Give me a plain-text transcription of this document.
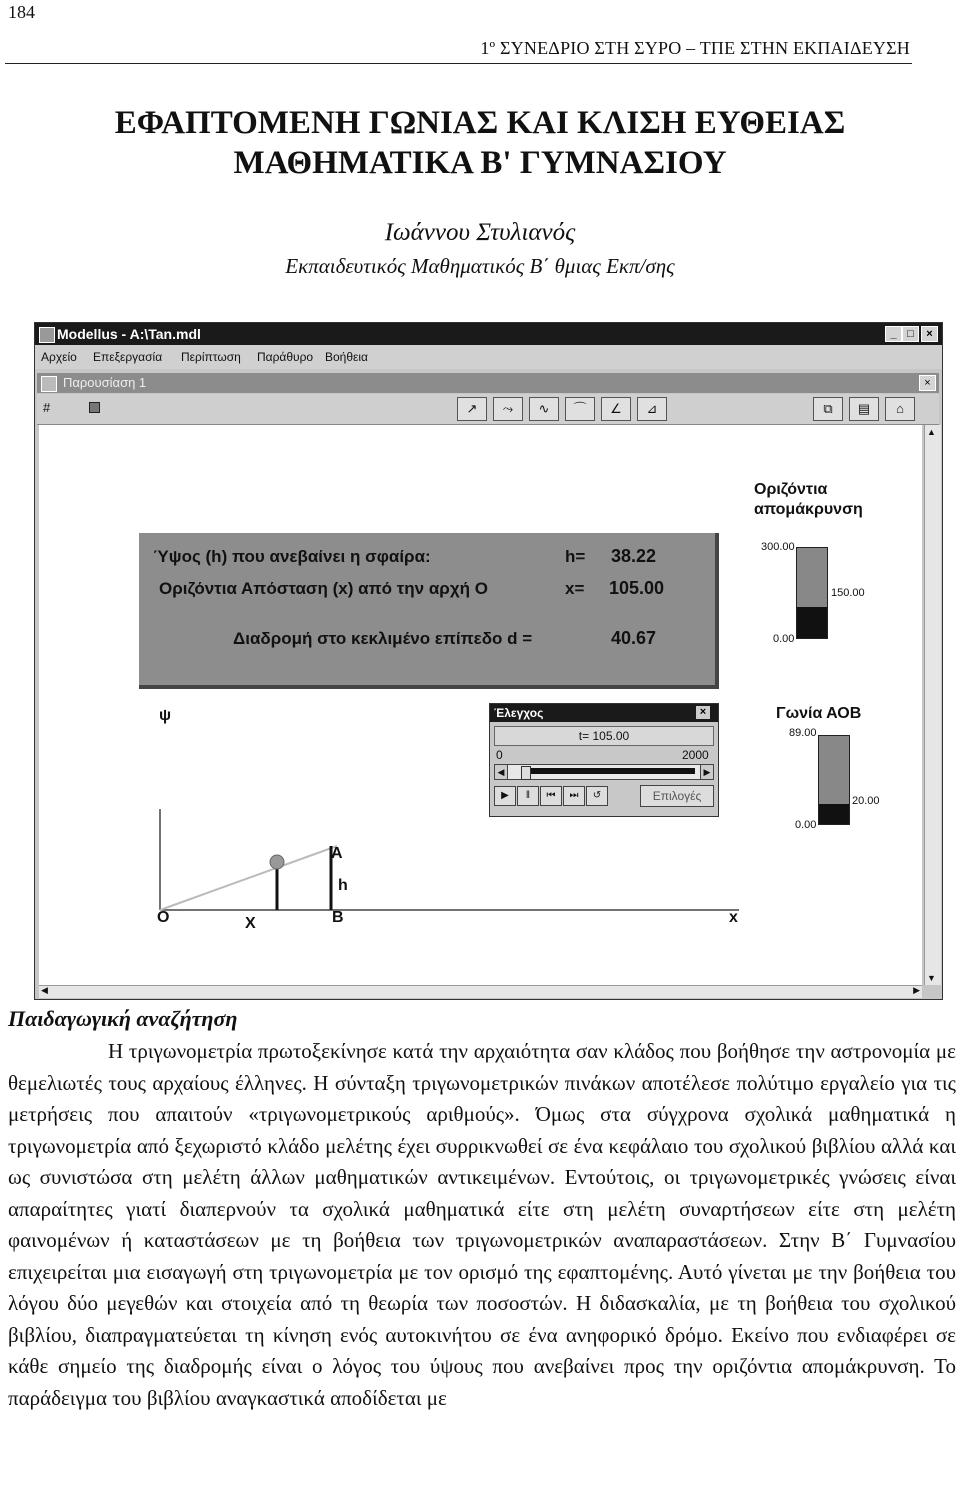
184
1º ΣΥΝΕΔΡΙΟ ΣΤΗ ΣΥΡΟ – ΤΠΕ ΣΤΗΝ ΕΚΠΑΙΔΕΥΣΗ
ΕΦΑΠΤΟΜΕΝΗ ΓΩΝΙΑΣ ΚΑΙ ΚΛΙΣΗ ΕΥΘΕΙΑΣ
ΜΑΘΗΜΑΤΙΚΑ Β' ΓΥΜΝΑΣΙΟΥ
Ιωάννου Στυλιανός
Εκπαιδευτικός Μαθηματικός Β΄ θμιας Εκπ/σης
Modellus - A:\Tan.mdl	_ □	×
Αρχείο Επεξεργασία Περίπτωση Παράθυρο Βοήθεια
Παρουσίαση 1	×
#	↗	⤳	∿	⌒	∠	⊿	⧉	▤	⌂
Ύψος (h) που ανεβαίνει η σφαίρα:	h= 38.22
Οριζόντια Απόσταση (x) από την αρχή Ο	x= 105.00
Διαδρομή στο κεκλιμένο επίπεδο d =	40.67
Οριζόντια
απομάκρυνση
300.00
150.00
0.00
Γωνία ΑΟΒ
89.00
20.00
0.00
Έλεγχος	×
t= 105.00
0	2000
◀	▶
▶	‖	⏮	⏭	↺	Επιλογές
ψ
x
O	X	B
A
h
▲
▼
◀	▶
Παιδαγωγική αναζήτηση

Η τριγωνομετρία πρωτοξεκίνησε κατά την αρχαιότητα σαν κλάδος που βοήθησε την αστρονομία με θεμελιωτές τους αρχαίους έλληνες. Η σύνταξη τριγωνομετρικών πινάκων αποτέλεσε πολύτιμο εργαλείο για τις μετρήσεις που απαιτούν «τριγωνομετρικούς αριθμούς». Όμως στα σύγχρονα σχολικά μαθηματικά η τριγωνομετρία από ξεχωριστό κλάδο μελέτης έχει συρρικνωθεί σε ένα κεφάλαιο του σχολικού βιβλίου αλλά και ως συνιστώσα στη μελέτη άλλων μαθηματικών αντικειμένων. Εντούτοις, οι τριγωνομετρικές γνώσεις είναι απαραίτητες γιατί διαπερνούν τα σχολικά μαθηματικά είτε στη μελέτη συναρτήσεων είτε στη μελέτη φαινομένων ή καταστάσεων με τη βοήθεια των τριγωνομετρικών αναπαραστάσεων. Στην Β΄ Γυμνασίου επιχειρείται μια εισαγωγή στη τριγωνομετρία με τον ορισμό της εφαπτομένης. Αυτό γίνεται με την βοήθεια του λόγου δύο μεγεθών και στοιχεία από τη θεωρία των ποσοστών. Η διδασκαλία, με τη βοήθεια του σχολικού βιβλίου, διαπραγματεύεται τη κίνηση ενός αυτοκινήτου σε ένα ανηφορικό δρόμο. Εκείνο που ενδιαφέρει σε κάθε σημείο της διαδρομής είναι ο λόγος του ύψους που ανεβαίνει προς την οριζόντια απομάκρυνση. Το παράδειγμα του βιβλίου αναγκαστικά αποδίδεται με
